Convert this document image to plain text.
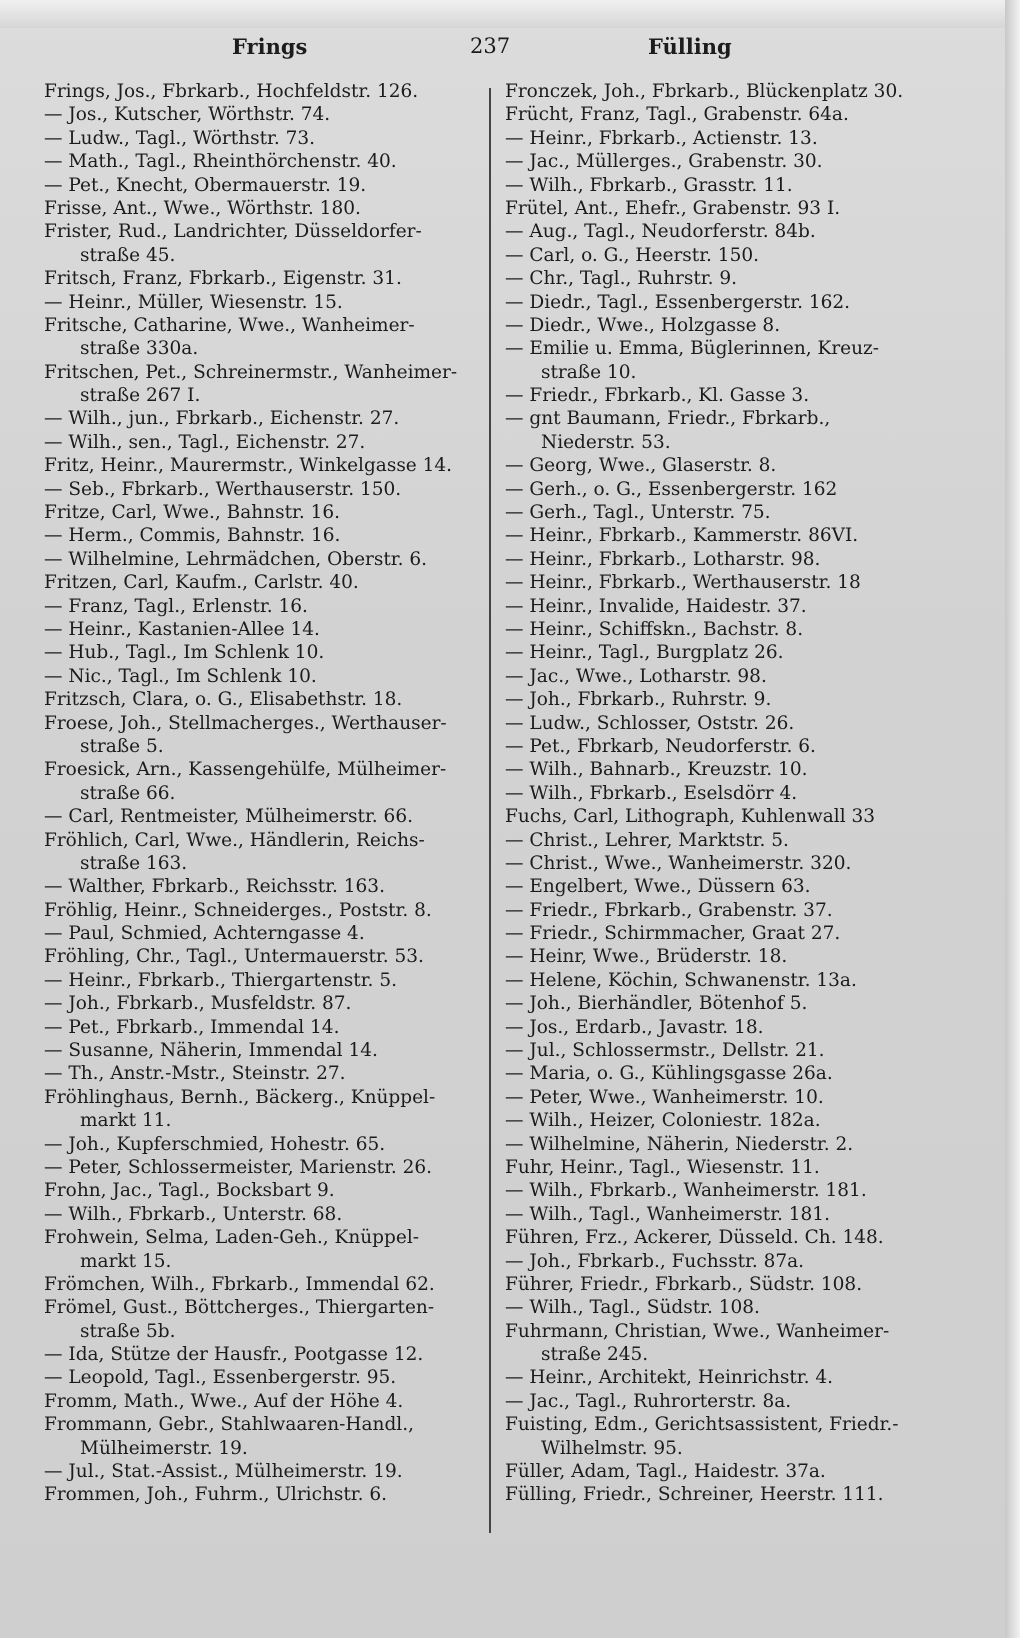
Frings	237	Fülling
Frings, Jos., Fbrkarb., Hochfeldstr. 126.
— Jos., Kutscher, Wörthstr. 74.
— Ludw., Tagl., Wörthstr. 73.
— Math., Tagl., Rheinthörchenstr. 40.
— Pet., Knecht, Obermauerstr. 19.
Frisse, Ant., Wwe., Wörthstr. 180.
Frister, Rud., Landrichter, Düsseldorfer-
straße 45.
Fritsch, Franz, Fbrkarb., Eigenstr. 31.
— Heinr., Müller, Wiesenstr. 15.
Fritsche, Catharine, Wwe., Wanheimer-
straße 330a.
Fritschen, Pet., Schreinermstr., Wanheimer-
straße 267 I.
— Wilh., jun., Fbrkarb., Eichenstr. 27.
— Wilh., sen., Tagl., Eichenstr. 27.
Fritz, Heinr., Maurermstr., Winkelgasse 14.
— Seb., Fbrkarb., Werthauserstr. 150.
Fritze, Carl, Wwe., Bahnstr. 16.
— Herm., Commis, Bahnstr. 16.
— Wilhelmine, Lehrmädchen, Oberstr. 6.
Fritzen, Carl, Kaufm., Carlstr. 40.
— Franz, Tagl., Erlenstr. 16.
— Heinr., Kastanien-Allee 14.
— Hub., Tagl., Im Schlenk 10.
— Nic., Tagl., Im Schlenk 10.
Fritzsch, Clara, o. G., Elisabethstr. 18.
Froese, Joh., Stellmacherges., Werthauser-
straße 5.
Froesick, Arn., Kassengehülfe, Mülheimer-
straße 66.
— Carl, Rentmeister, Mülheimerstr. 66.
Fröhlich, Carl, Wwe., Händlerin, Reichs-
straße 163.
— Walther, Fbrkarb., Reichsstr. 163.
Fröhlig, Heinr., Schneiderges., Poststr. 8.
— Paul, Schmied, Achterngasse 4.
Fröhling, Chr., Tagl., Untermauerstr. 53.
— Heinr., Fbrkarb., Thiergartenstr. 5.
— Joh., Fbrkarb., Musfeldstr. 87.
— Pet., Fbrkarb., Immendal 14.
— Susanne, Näherin, Immendal 14.
— Th., Anstr.-Mstr., Steinstr. 27.
Fröhlinghaus, Bernh., Bäckerg., Knüppel-
markt 11.
— Joh., Kupferschmied, Hohestr. 65.
— Peter, Schlossermeister, Marienstr. 26.
Frohn, Jac., Tagl., Bocksbart 9.
— Wilh., Fbrkarb., Unterstr. 68.
Frohwein, Selma, Laden-Geh., Knüppel-
markt 15.
Frömchen, Wilh., Fbrkarb., Immendal 62.
Frömel, Gust., Böttcherges., Thiergarten-
straße 5b.
— Ida, Stütze der Hausfr., Pootgasse 12.
— Leopold, Tagl., Essenbergerstr. 95.
Fromm, Math., Wwe., Auf der Höhe 4.
Frommann, Gebr., Stahlwaaren-Handl.,
Mülheimerstr. 19.
— Jul., Stat.-Assist., Mülheimerstr. 19.
Frommen, Joh., Fuhrm., Ulrichstr. 6.
Fronczek, Joh., Fbrkarb., Blückenplatz 30.
Frücht, Franz, Tagl., Grabenstr. 64a.
— Heinr., Fbrkarb., Actienstr. 13.
— Jac., Müllerges., Grabenstr. 30.
— Wilh., Fbrkarb., Grasstr. 11.
Frütel, Ant., Ehefr., Grabenstr. 93 I.
— Aug., Tagl., Neudorferstr. 84b.
— Carl, o. G., Heerstr. 150.
— Chr., Tagl., Ruhrstr. 9.
— Diedr., Tagl., Essenbergerstr. 162.
— Diedr., Wwe., Holzgasse 8.
— Emilie u. Emma, Büglerinnen, Kreuz-
straße 10.
— Friedr., Fbrkarb., Kl. Gasse 3.
— gnt Baumann, Friedr., Fbrkarb.,
Niederstr. 53.
— Georg, Wwe., Glaserstr. 8.
— Gerh., o. G., Essenbergerstr. 162
— Gerh., Tagl., Unterstr. 75.
— Heinr., Fbrkarb., Kammerstr. 86VI.
— Heinr., Fbrkarb., Lotharstr. 98.
— Heinr., Fbrkarb., Werthauserstr. 18
— Heinr., Invalide, Haidestr. 37.
— Heinr., Schiffskn., Bachstr. 8.
— Heinr., Tagl., Burgplatz 26.
— Jac., Wwe., Lotharstr. 98.
— Joh., Fbrkarb., Ruhrstr. 9.
— Ludw., Schlosser, Oststr. 26.
— Pet., Fbrkarb, Neudorferstr. 6.
— Wilh., Bahnarb., Kreuzstr. 10.
— Wilh., Fbrkarb., Eselsdörr 4.
Fuchs, Carl, Lithograph, Kuhlenwall 33
— Christ., Lehrer, Marktstr. 5.
— Christ., Wwe., Wanheimerstr. 320.
— Engelbert, Wwe., Düssern 63.
— Friedr., Fbrkarb., Grabenstr. 37.
— Friedr., Schirmmacher, Graat 27.
— Heinr, Wwe., Brüderstr. 18.
— Helene, Köchin, Schwanenstr. 13a.
— Joh., Bierhändler, Bötenhof 5.
— Jos., Erdarb., Javastr. 18.
— Jul., Schlossermstr., Dellstr. 21.
— Maria, o. G., Kühlingsgasse 26a.
— Peter, Wwe., Wanheimerstr. 10.
— Wilh., Heizer, Coloniestr. 182a.
— Wilhelmine, Näherin, Niederstr. 2.
Fuhr, Heinr., Tagl., Wiesenstr. 11.
— Wilh., Fbrkarb., Wanheimerstr. 181.
— Wilh., Tagl., Wanheimerstr. 181.
Führen, Frz., Ackerer, Düsseld. Ch. 148.
— Joh., Fbrkarb., Fuchsstr. 87a.
Führer, Friedr., Fbrkarb., Südstr. 108.
— Wilh., Tagl., Südstr. 108.
Fuhrmann, Christian, Wwe., Wanheimer-
straße 245.
— Heinr., Architekt, Heinrichstr. 4.
— Jac., Tagl., Ruhrorterstr. 8a.
Fuisting, Edm., Gerichtsassistent, Friedr.-
Wilhelmstr. 95.
Füller, Adam, Tagl., Haidestr. 37a.
Fülling, Friedr., Schreiner, Heerstr. 111.
